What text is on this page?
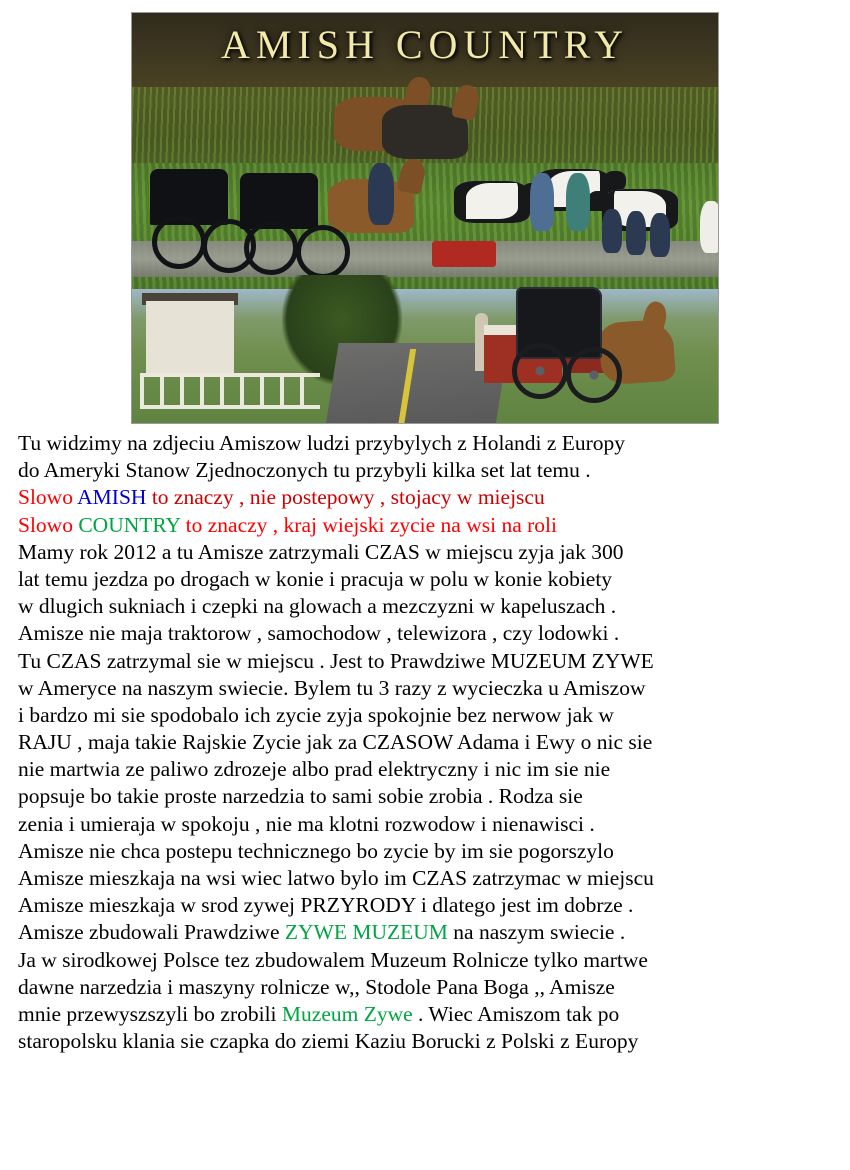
AMISH COUNTRY
Tu widzimy na zdjeciu Amiszow ludzi przybylych z Holandi z Europy
do Ameryki Stanow Zjednoczonych tu przybyli kilka set lat temu .
Slowo AMISH to znaczy , nie postepowy , stojacy w miejscu
Slowo COUNTRY to znaczy , kraj wiejski zycie na wsi na roli
Mamy rok 2012 a tu Amisze zatrzymali CZAS w miejscu zyja jak 300
lat temu jezdza po drogach w konie i pracuja w polu w konie kobiety
w dlugich sukniach i czepki na glowach a mezczyzni w kapeluszach .
Amisze nie maja traktorow , samochodow , telewizora , czy lodowki .
Tu CZAS zatrzymal sie w miejscu . Jest to Prawdziwe MUZEUM ZYWE
w Ameryce na naszym swiecie. Bylem tu 3 razy z wycieczka u Amiszow
i bardzo mi sie spodobalo ich zycie zyja spokojnie bez nerwow jak w
RAJU , maja takie Rajskie Zycie jak za CZASOW Adama i Ewy o nic sie
nie martwia ze paliwo zdrozeje albo prad elektryczny i nic im sie nie
popsuje bo takie proste narzedzia to sami sobie zrobia . Rodza sie
zenia i umieraja w spokoju , nie ma klotni rozwodow i nienawisci .
Amisze nie chca postepu technicznego bo zycie by im sie pogorszylo
Amisze mieszkaja na wsi wiec latwo bylo im CZAS zatrzymac w miejscu
Amisze mieszkaja w srod zywej PRZYRODY i dlatego jest im dobrze .
Amisze zbudowali Prawdziwe ZYWE MUZEUM na naszym swiecie .
Ja w sirodkowej Polsce tez zbudowalem Muzeum Rolnicze tylko martwe
dawne narzedzia i maszyny rolnicze w,, Stodole Pana Boga ,, Amisze
mnie przewyszszyli bo zrobili Muzeum Zywe . Wiec Amiszom tak po
staropolsku klania sie czapka do ziemi Kaziu Borucki z Polski z Europy
